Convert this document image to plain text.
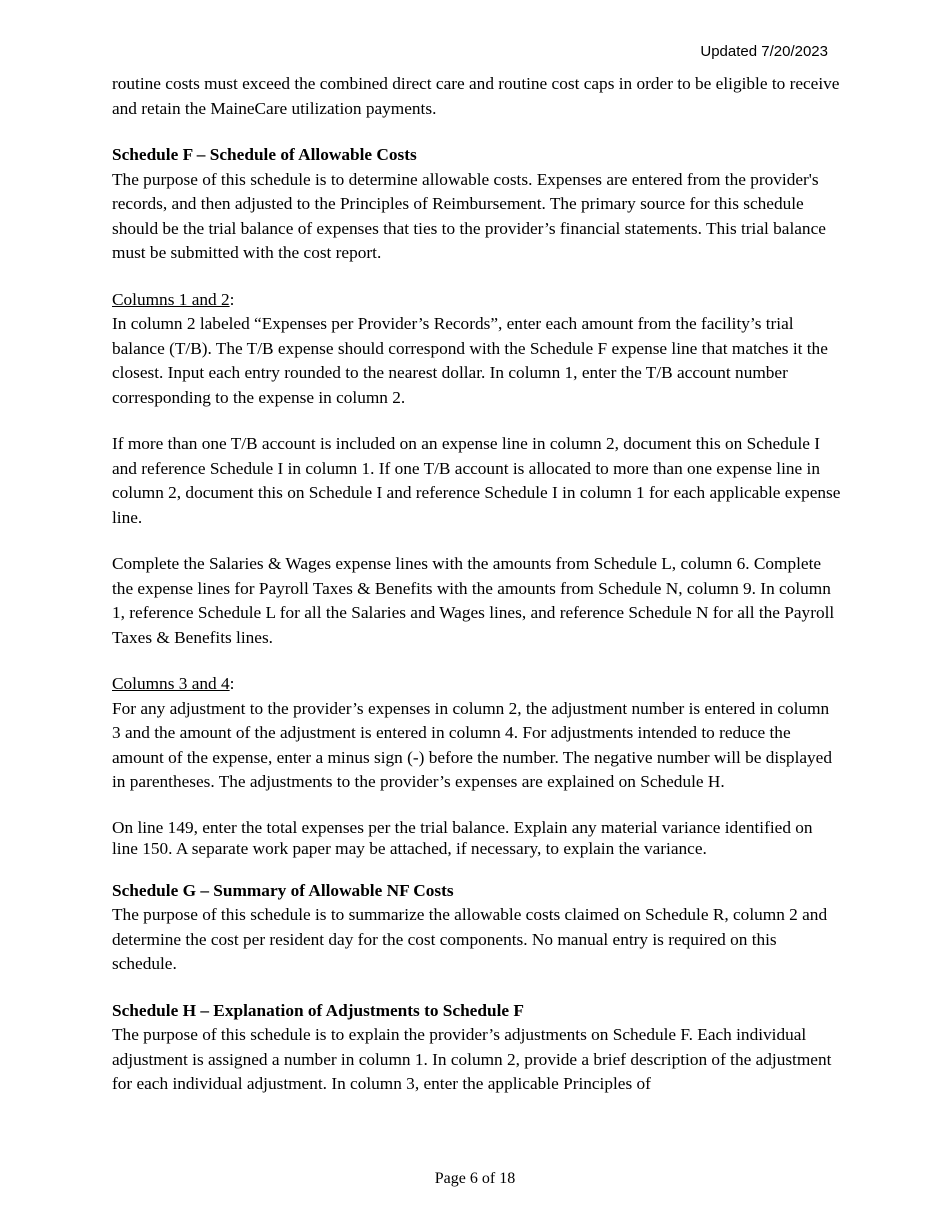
Updated 7/20/2023

routine costs must exceed the combined direct care and routine cost caps in order to be eligible to receive and retain the MaineCare utilization payments.

Schedule F – Schedule of Allowable Costs

The purpose of this schedule is to determine allowable costs. Expenses are entered from the provider's records, and then adjusted to the Principles of Reimbursement. The primary source for this schedule should be the trial balance of expenses that ties to the provider’s financial statements. This trial balance must be submitted with the cost report.

Columns 1 and 2:

In column 2 labeled “Expenses per Provider’s Records”, enter each amount from the facility’s trial balance (T/B). The T/B expense should correspond with the Schedule F expense line that matches it the closest. Input each entry rounded to the nearest dollar. In column 1, enter the T/B account number corresponding to the expense in column 2.

If more than one T/B account is included on an expense line in column 2, document this on Schedule I and reference Schedule I in column 1. If one T/B account is allocated to more than one expense line in column 2, document this on Schedule I and reference Schedule I in column 1 for each applicable expense line.

Complete the Salaries & Wages expense lines with the amounts from Schedule L, column 6. Complete the expense lines for Payroll Taxes & Benefits with the amounts from Schedule N, column 9. In column 1, reference Schedule L for all the Salaries and Wages lines, and reference Schedule N for all the Payroll Taxes & Benefits lines.

Columns 3 and 4:

For any adjustment to the provider’s expenses in column 2, the adjustment number is entered in column 3 and the amount of the adjustment is entered in column 4. For adjustments intended to reduce the amount of the expense, enter a minus sign (-) before the number. The negative number will be displayed in parentheses. The adjustments to the provider’s expenses are explained on Schedule H.

On line 149, enter the total expenses per the trial balance. Explain any material variance identified on line 150. A separate work paper may be attached, if necessary, to explain the variance.

Schedule G – Summary of Allowable NF Costs

The purpose of this schedule is to summarize the allowable costs claimed on Schedule R, column 2 and determine the cost per resident day for the cost components. No manual entry is required on this schedule.

Schedule H – Explanation of Adjustments to Schedule F

The purpose of this schedule is to explain the provider’s adjustments on Schedule F. Each individual adjustment is assigned a number in column 1. In column 2, provide a brief description of the adjustment for each individual adjustment. In column 3, enter the applicable Principles of

Page 6 of 18
